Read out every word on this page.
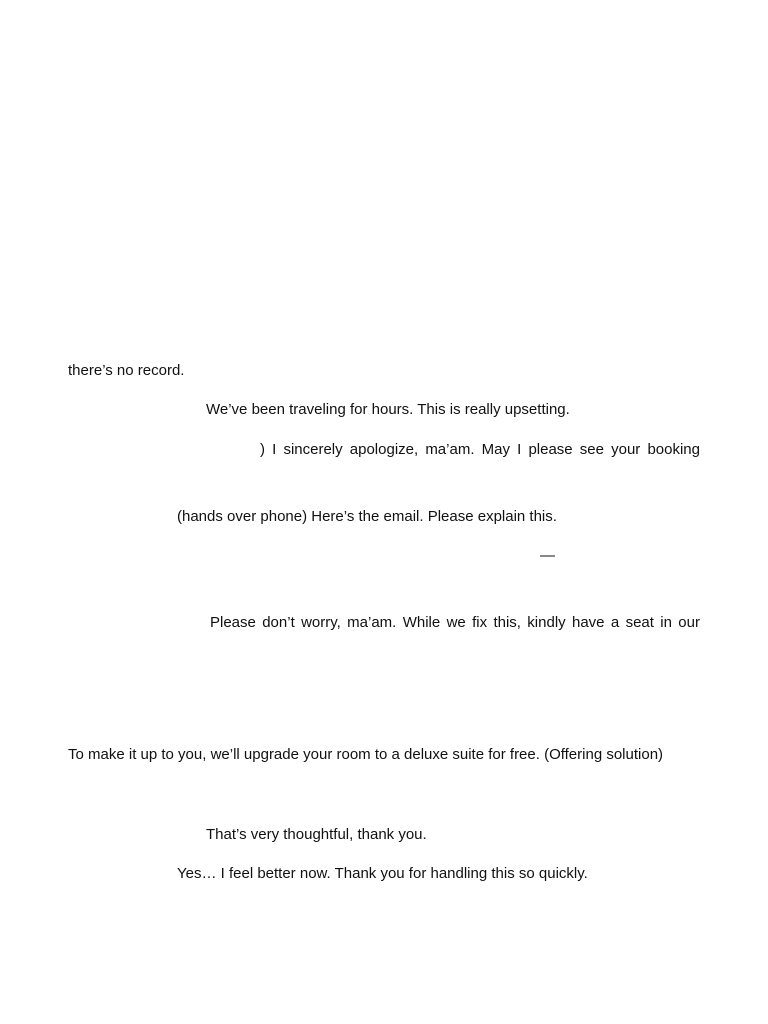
there’s no record.
We’ve been traveling for hours. This is really upsetting.
) I sincerely apologize, ma’am. May I please see your booking
(hands over phone) Here’s the email. Please explain this.
—
Please don’t worry, ma’am. While we fix this, kindly have a seat in our
To make it up to you, we’ll upgrade your room to a deluxe suite for free. (Offering solution)
That’s very thoughtful, thank you.
Yes… I feel better now. Thank you for handling this so quickly.
